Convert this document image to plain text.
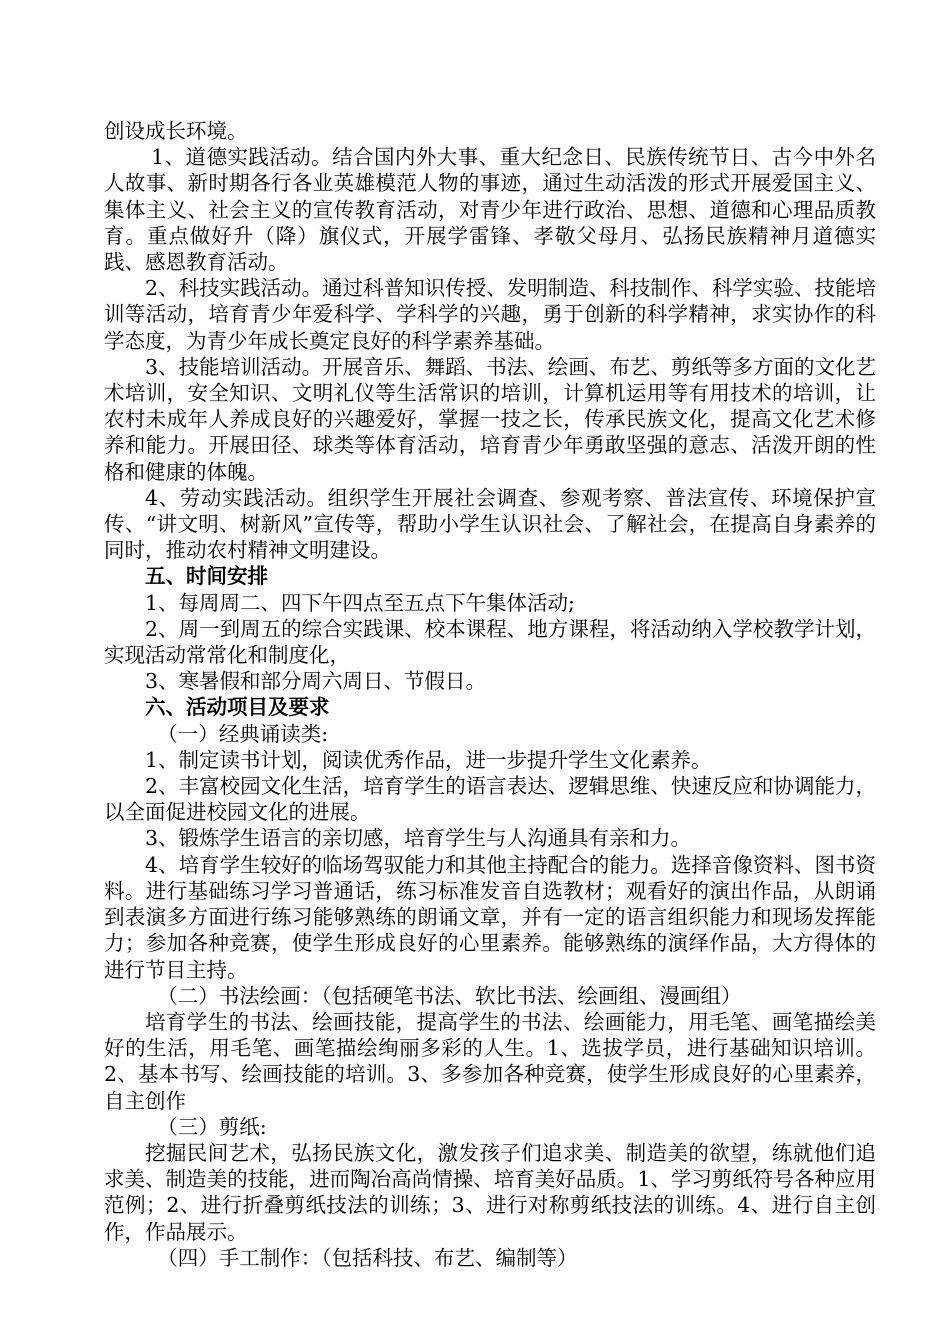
创设成长环境。

1、道德实践活动。结合国内外大事、重大纪念日、民族传统节日、古今中外名人故事、新时期各行各业英雄模范人物的事迹，通过生动活泼的形式开展爱国主义、集体主义、社会主义的宣传教育活动，对青少年进行政治、思想、道德和心理品质教育。重点做好升（降）旗仪式，开展学雷锋、孝敬父母月、弘扬民族精神月道德实践、感恩教育活动。

2、科技实践活动。通过科普知识传授、发明制造、科技制作、科学实验、技能培训等活动，培育青少年爱科学、学科学的兴趣，勇于创新的科学精神，求实协作的科学态度，为青少年成长奠定良好的科学素养基础。

3、技能培训活动。开展音乐、舞蹈、书法、绘画、布艺、剪纸等多方面的文化艺术培训，安全知识、文明礼仪等生活常识的培训，计算机运用等有用技术的培训，让农村未成年人养成良好的兴趣爱好，掌握一技之长，传承民族文化，提高文化艺术修养和能力。开展田径、球类等体育活动，培育青少年勇敢坚强的意志、活泼开朗的性格和健康的体魄。

4、劳动实践活动。组织学生开展社会调查、参观考察、普法宣传、环境保护宣传、“讲文明、树新风”宣传等，帮助小学生认识社会、了解社会，在提高自身素养的同时，推动农村精神文明建设。

五、时间安排

1、每周周二、四下午四点至五点下午集体活动;

2、周一到周五的综合实践课、校本课程、地方课程，将活动纳入学校教学计划，实现活动常常化和制度化，

3、寒暑假和部分周六周日、节假日。

六、活动项目及要求

（一）经典诵读类:

1、制定读书计划，阅读优秀作品，进一步提升学生文化素养。

2、丰富校园文化生活，培育学生的语言表达、逻辑思维、快速反应和协调能力，以全面促进校园文化的进展。

3、锻炼学生语言的亲切感，培育学生与人沟通具有亲和力。

4、培育学生较好的临场驾驭能力和其他主持配合的能力。选择音像资料、图书资料。进行基础练习学习普通话，练习标准发音自选教材；观看好的演出作品，从朗诵到表演多方面进行练习能够熟练的朗诵文章，并有一定的语言组织能力和现场发挥能力；参加各种竞赛，使学生形成良好的心里素养。能够熟练的演绎作品，大方得体的进行节目主持。

（二）书法绘画：（包括硬笔书法、软比书法、绘画组、漫画组）

培育学生的书法、绘画技能，提高学生的书法、绘画能力，用毛笔、画笔描绘美好的生活，用毛笔、画笔描绘绚丽多彩的人生。1、选拔学员，进行基础知识培训。 2、基本书写、绘画技能的培训。3、多参加各种竞赛，使学生形成良好的心里素养，自主创作

（三）剪纸:

挖掘民间艺术，弘扬民族文化，激发孩子们追求美、制造美的欲望，练就他们追求美、制造美的技能，进而陶冶高尚情操、培育美好品质。1、学习剪纸符号各种应用范例；2、进行折叠剪纸技法的训练；3、进行对称剪纸技法的训练。4、进行自主创作，作品展示。

（四）手工制作：（包括科技、布艺、编制等）
